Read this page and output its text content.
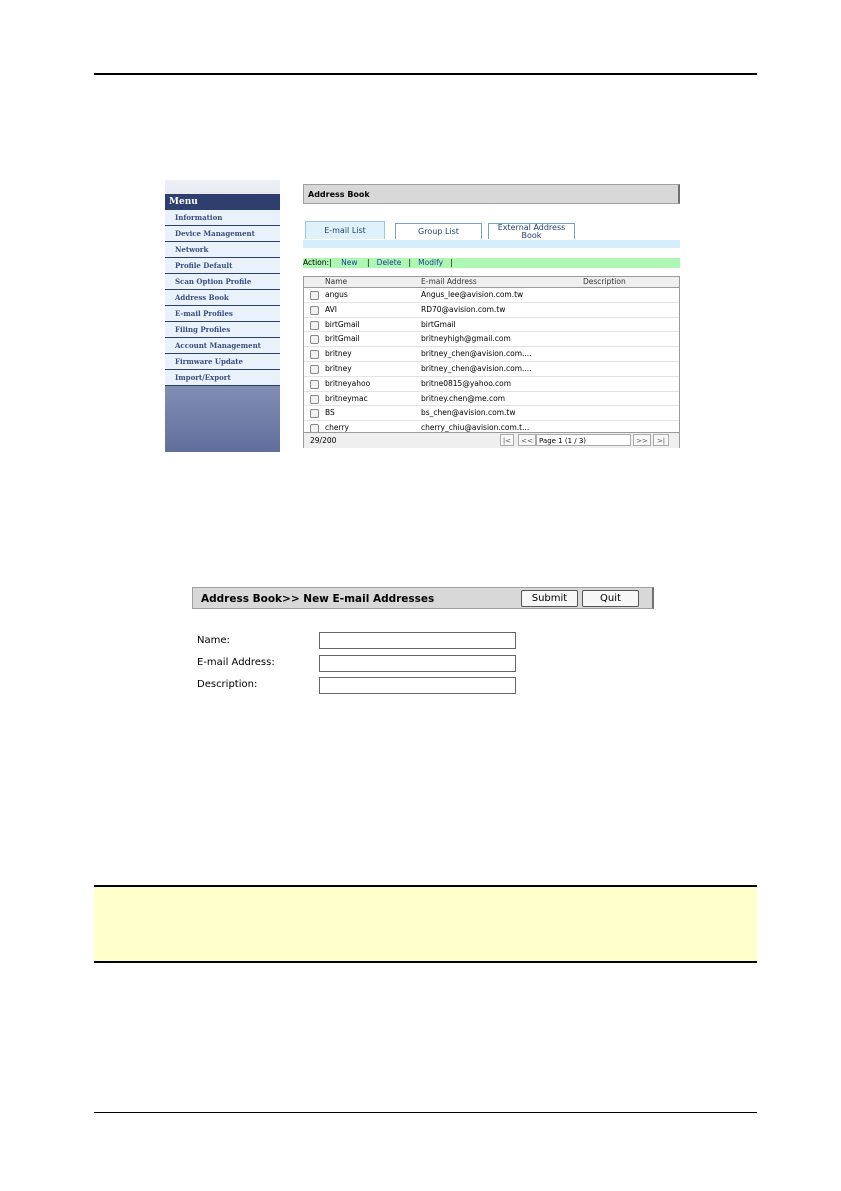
Menu
Information
Device Management
Network
Profile Default
Scan Option Profile
Address Book
E-mail Profiles
Filing Profiles
Account Management
Firmware Update
Import/Export
Address Book
E-mail List	Group List	External Address Book
Action:|    New    |   Delete   |   Modify   |
Name	E-mail Address	Description
angus	Angus_lee@avision.com.tw
AVI	RD70@avision.com.tw
birtGmail	birtGmail
britGmail	britneyhigh@gmail.com
britney	britney_chen@avision.com....
britney	britney_chen@avision.com....
britneyahoo	britne0815@yahoo.com
britneymac	britney.chen@me.com
BS	bs_chen@avision.com.tw
cherry	cherry_chiu@avision.com.t...
29/200	|<	<< Page 1 (1 / 3)	>>	>|
Address Book>> New E-mail Addresses	Submit	Quit
Name:
E-mail Address:
Description:
